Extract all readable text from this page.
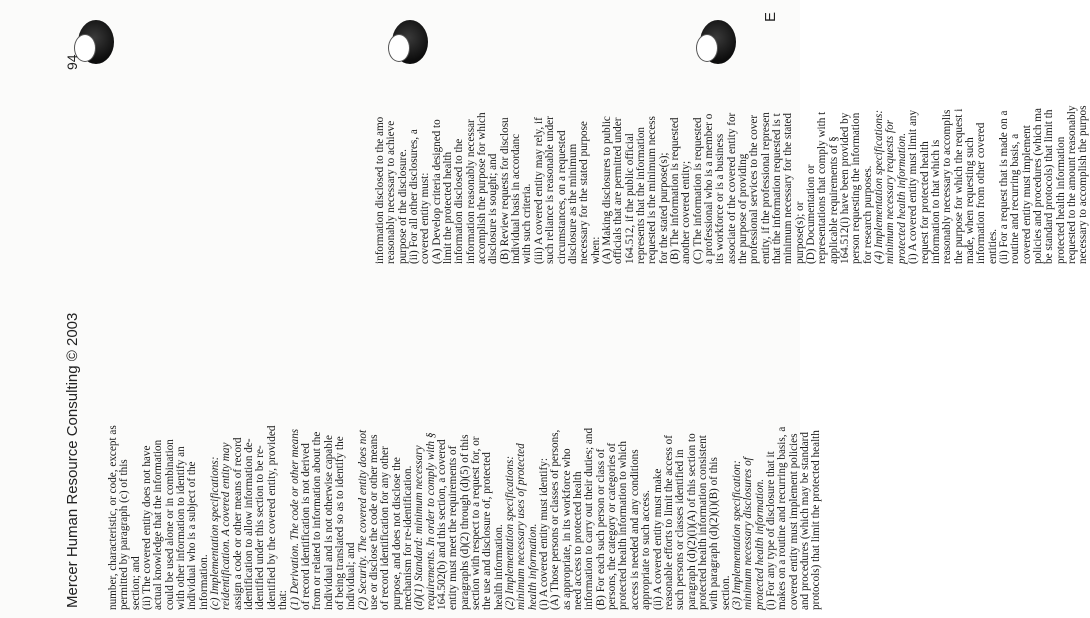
Mercer Human Resource Consulting © 2003
94
E
number, characteristic, or code, except as permitted by paragraph (c) of this section; and (ii) The covered entity does not have actual knowledge that the information could be used alone or in combination with other information to identify an individual who is a subject of the information. (c) Implementation specifications: reidentification. A covered entity may assign a code or other means of record identification to allow information de- identified under this section to be re- identified by the covered entity, provided that: (1) Derivation. The code or other means of record identification is not derived from or related to information about the individual and is not otherwise capable of being translated so as to identify the individual; and (2) Security. The covered entity does not use or disclose the code or other means of record identification for any other purpose, and does not disclose the mechanism for re-identification. (d)(1) Standard: minimum necessary requirements. In order to comply with § 164.502(b) and this section, a covered entity must meet the requirements of paragraphs (d)(2) through (d)(5) of this section with respect to a request for, or the use and disclosure of, protected health information. (2) Implementation specifications: minimum necessary uses of protected health information. (i) A covered entity must identify: (A) Those persons or classes of persons, as appropriate, in its workforce who need access to protected health information to carry out their duties; and (B) For each such person or class of persons, the category or categories of protected health information to which access is needed and any conditions appropriate to such access. (ii) A covered entity must make reasonable efforts to limit the access of such persons or classes identified in paragraph (d)(2)(i)(A) of this section to protected health information consistent with paragraph (d)(2)(i)(B) of this section. (3) Implementation specification: minimum necessary disclosures of protected health information. (i) For any type of disclosure that it makes on a routine and recurring basis, a covered entity must implement policies and procedures (which may be standard protocols) that limit the protected health
information disclosed to the amo reasonably necessary to achieve purpose of the disclosure. (ii) For all other disclosures, a covered entity must: (A) Develop criteria designed to limit the protected health information disclosed to the information reasonably necessar accomplish the purpose for which disclosure is sought; and (B) Review requests for disclosu individual basis in accordanc with such criteria. (iii) A covered entity may rely, if such reliance is reasonable under circumstances, on a requested disclosure as the minimum necessary for the stated purpose when: (A) Making disclosures to public officials that are permitted under 164.512, if the public official represents that the information requested is the minimum necess for the stated purpose(s); (B) The information is requested another covered entity; (C) The information is requested a professional who is a member o its workforce or is a business associate of the covered entity for the purpose of providing professional services to the cover entity, if the professional represen that the information requested is t minimum necessary for the stated purpose(s); or (D) Documentation or representations that comply with t applicable requirements of § 164.512(i) have been provided by person requesting the information for research purposes. (4) Implementation specifications: minimum necessary requests for protected health information. (i) A covered entity must limit any request for protected health information to that which is reasonably necessary to accomplis the purpose for which the request i made, when requesting such information from other covered entities. (ii) For a request that is made on a routine and recurring basis, a covered entity must implement policies and procedures (which ma be standard protocols) that limit th protected health information requested to the amount reasonably necessary to accomplish the purpos
